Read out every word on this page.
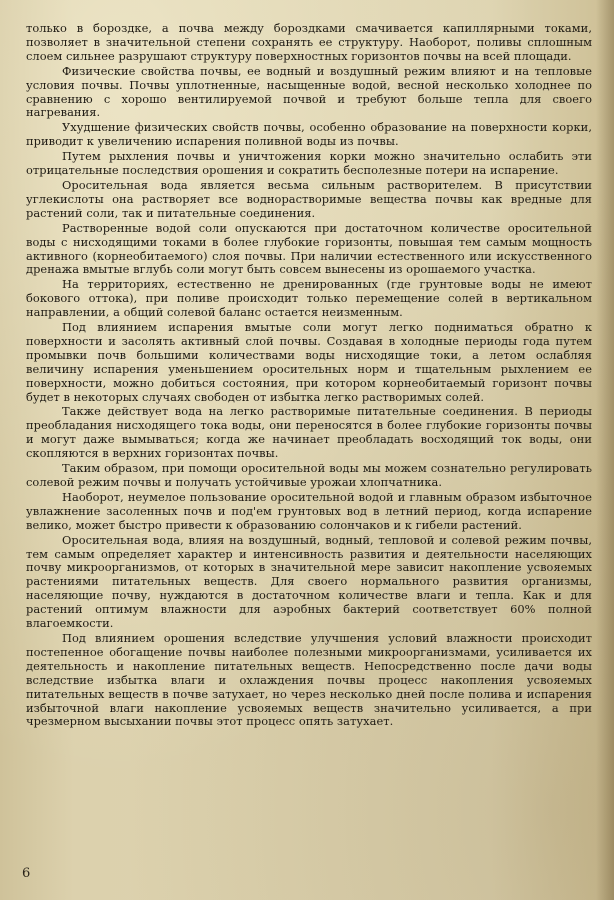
только в бороздке, а почва между бороздками смачивается капиллярными токами, позволяет в значительной степени сохранять ее структуру. Наоборот, поливы сплошным слоем сильнее разрушают структуру поверхностных горизонтов почвы на всей площади.

Физические свойства почвы, ее водный и воздушный режим влияют и на тепловые условия почвы. Почвы уплотненные, насыщенные водой, весной несколько холоднее по сравнению с хорошо вентилируемой почвой и требуют больше тепла для своего нагревания.

Ухудшение физических свойств почвы, особенно образование на поверхности корки, приводит к увеличению испарения поливной воды из почвы.

Путем рыхления почвы и уничтожения корки можно значительно ослабить эти отрицательные последствия орошения и сократить бесполезные потери на испарение.

Оросительная вода является весьма сильным растворителем. В присутствии углекислоты она растворяет все воднорастворимые вещества почвы как вредные для растений соли, так и питательные соединения.

Растворенные водой соли опускаются при достаточном количестве оросительной воды с нисходящими токами в более глубокие горизонты, повышая тем самым мощность активного (корнеобитаемого) слоя почвы. При наличии естественного или искусственного дренажа вмытые вглубь соли могут быть совсем вынесены из орошаемого участка.

На территориях, естественно не дренированных (где грунтовые воды не имеют бокового оттока), при поливе происходит только перемещение солей в вертикальном направлении, а общий солевой баланс остается неизменным.

Под влиянием испарения вмытые соли могут легко подниматься обратно к поверхности и засолять активный слой почвы. Создавая в холодные периоды года путем промывки почв большими количествами воды нисходящие токи, а летом ослабляя величину испарения уменьшением оросительных норм и тщательным рыхлением ее поверхности, можно добиться состояния, при котором корнеобитаемый горизонт почвы будет в некоторых случаях свободен от избытка легко растворимых солей.

Также действует вода на легко растворимые питательные соединения. В периоды преобладания нисходящего тока воды, они переносятся в более глубокие горизонты почвы и могут даже вымываться; когда же начинает преобладать восходящий ток воды, они скопляются в верхних горизонтах почвы.

Таким образом, при помощи оросительной воды мы можем сознательно регулировать солевой режим почвы и получать устойчивые урожаи хлопчатника.

Наоборот, неумелое пользование оросительной водой и главным образом избыточное увлажнение засоленных почв и под'ем грунтовых вод в летний период, когда испарение велико, может быстро привести к образованию солончаков и к гибели растений.

Оросительная вода, влияя на воздушный, водный, тепловой и солевой режим почвы, тем самым определяет характер и интенсивность развития и деятельности населяющих почву микроорганизмов, от которых в значительной мере зависит накопление усвояемых растениями питательных веществ. Для своего нормального развития организмы, населяющие почву, нуждаются в достаточном количестве влаги и тепла. Как и для растений оптимум влажности для аэробных бактерий соответствует 60% полной влагоемкости.

Под влиянием орошения вследствие улучшения условий влажности происходит постепенное обогащение почвы наиболее полезными микроорганизмами, усиливается их деятельность и накопление питательных веществ. Непосредственно после дачи воды вследствие избытка влаги и охлаждения почвы процесс накопления усвояемых питательных веществ в почве затухает, но через несколько дней после полива и испарения избыточной влаги накопление усвояемых веществ значительно усиливается, а при чрезмерном высыхании почвы этот процесс опять затухает.

6
